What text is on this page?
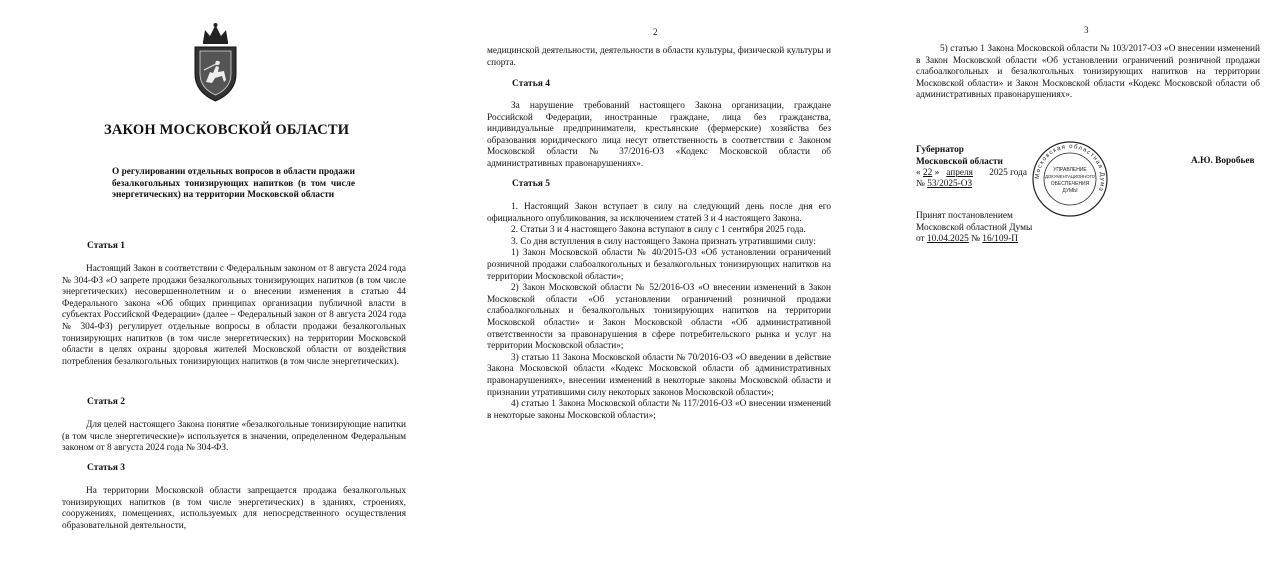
ЗАКОН МОСКОВСКОЙ ОБЛАСТИ
О регулировании отдельных вопросов в области продажи безалкогольных тонизирующих напитков (в том числе энергетических) на территории Московской области
Статья 1

Настоящий Закон в соответствии с Федеральным законом от 8 августа 2024 года № 304-ФЗ «О запрете продажи безалкогольных тонизирующих напитков (в том числе энергетических) несовершеннолетним и о внесении изменения в статью 44 Федерального закона «Об общих принципах организации публичной власти в субъектах Российской Федерации» (далее – Федеральный закон от 8 августа 2024 года № 304-ФЗ) регулирует отдельные вопросы в области продажи безалкогольных тонизирующих напитков (в том числе энергетических) на территории Московской области в целях охраны здоровья жителей Московской области от воздействия потребления безалкогольных тонизирующих напитков (в том числе энергетических).

Статья 2

Для целей настоящего Закона понятие «безалкогольные тонизирующие напитки (в том числе энергетические)» используется в значении, определенном Федеральным законом от 8 августа 2024 года № 304-ФЗ.

Статья 3

На территории Московской области запрещается продажа безалкогольных тонизирующих напитков (в том числе энергетических) в зданиях, строениях, сооружениях, помещениях, используемых для непосредственного осуществления образовательной деятельности,

2
медицинской деятельности, деятельности в области культуры, физической культуры и спорта.
Статья 4

За нарушение требований настоящего Закона организации, граждане Российской Федерации, иностранные граждане, лица без гражданства, индивидуальные предприниматели, крестьянские (фермерские) хозяйства без образования юридического лица несут ответственность в соответствии с Законом Московской области № 37/2016-ОЗ «Кодекс Московской области об административных правонарушениях».

Статья 5

1. Настоящий Закон вступает в силу на следующий день после дня его официального опубликования, за исключением статей 3 и 4 настоящего Закона.

2. Статьи 3 и 4 настоящего Закона вступают в силу с 1 сентября 2025 года.

3. Со дня вступления в силу настоящего Закона признать утратившими силу:

1) Закон Московской области № 40/2015-ОЗ «Об установлении ограничений розничной продажи слабоалкогольных и безалкогольных тонизирующих напитков на территории Московской области»;

2) Закон Московской области № 52/2016-ОЗ «О внесении изменений в Закон Московской области «Об установлении ограничений розничной продажи слабоалкогольных и безалкогольных тонизирующих напитков на территории Московской области» и Закон Московской области «Об административной ответственности за правонарушения в сфере потребительского рынка и услуг на территории Московской области»;

3) статью 11 Закона Московской области № 70/2016-ОЗ «О введении в действие Закона Московской области «Кодекс Московской области об административных правонарушениях», внесении изменений в некоторые законы Московской области и признании утратившими силу некоторых законов Московской области»;

4) статью 1 Закона Московской области № 117/2016-ОЗ «О внесении изменений в некоторые законы Московской области»;

3

5) статью 1 Закона Московской области № 103/2017-ОЗ «О внесении изменений в Закон Московской области «Об установлении ограничений розничной продажи слабоалкогольных и безалкогольных тонизирующих напитков на территории Московской области» и Закон Московской области «Кодекс Московской области об административных правонарушениях».

Губернатор
Московской области	А.Ю. Воробьев
« 22 » апреля 2025 года
№ 53/2025-ОЗ
Московская областная Дума
УПРАВЛЕНИЕ
ДОКУМЕНТАЦИОННОГО
ОБЕСПЕЧЕНИЯ
ДУМЫ
Принят постановлением
Московской областной Думы
от 10.04.2025 № 16/109-П
